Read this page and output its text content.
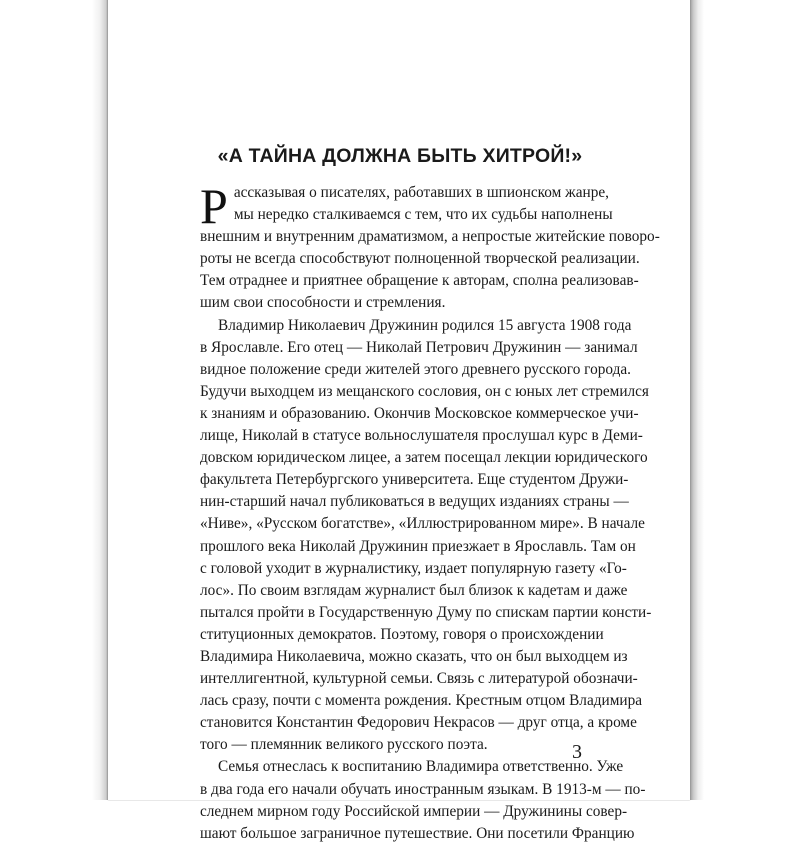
«А ТАЙНА ДОЛЖНА БЫТЬ ХИТРОЙ!»
Р ассказывая о писателях, работавших в шпионском жанре,
мы нередко сталкиваемся с тем, что их судьбы наполнены
внешним и внутренним драматизмом, а непростые житейские поворо-
роты не всегда способствуют полноценной творческой реализации.
Тем отраднее и приятнее обращение к авторам, сполна реализовав-
шим свои способности и стремления.
Владимир Николаевич Дружинин родился 15 августа 1908 года
в Ярославле. Его отец — Николай Петрович Дружинин — занимал
видное положение среди жителей этого древнего русского города.
Будучи выходцем из мещанского сословия, он с юных лет стремился
к знаниям и образованию. Окончив Московское коммерческое учи-
лище, Николай в статусе вольнослушателя прослушал курс в Деми-
довском юридическом лицее, а затем посещал лекции юридического
факультета Петербургского университета. Еще студентом Дружи-
нин-старший начал публиковаться в ведущих изданиях страны —
«Ниве», «Русском богатстве», «Иллюстрированном мире». В начале
прошлого века Николай Дружинин приезжает в Ярославль. Там он
с головой уходит в журналистику, издает популярную газету «Го-
лос». По своим взглядам журналист был близок к кадетам и даже
пытался пройти в Государственную Думу по спискам партии консти-
ституционных демократов. Поэтому, говоря о происхождении
Владимира Николаевича, можно сказать, что он был выходцем из
интеллигентной, культурной семьи. Связь с литературой обозначи-
лась сразу, почти с момента рождения. Крестным отцом Владимира
становится Константин Федорович Некрасов — друг отца, а кроме
того — племянник великого русского поэта.
Семья отнеслась к воспитанию Владимира ответственно. Уже
в два года его начали обучать иностранным языкам. В 1913-м — по-
следнем мирном году Российской империи — Дружинины совер-
шают большое заграничное путешествие. Они посетили Францию
3
